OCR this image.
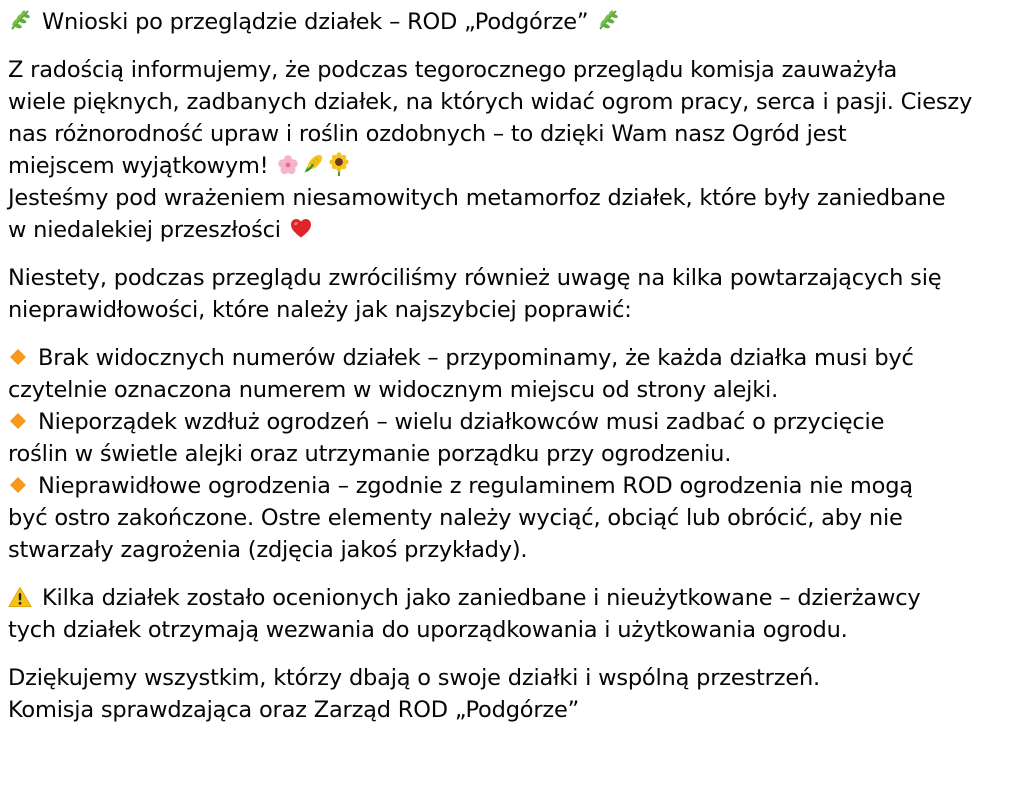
Wnioski po przeglądzie działek – ROD „Podgórze”
Z radością informujemy, że podczas tegorocznego przeglądu komisja zauważyła
wiele pięknych, zadbanych działek, na których widać ogrom pracy, serca i pasji. Cieszy
nas różnorodność upraw i roślin ozdobnych – to dzięki Wam nasz Ogród jest
miejscem wyjątkowym!
Jesteśmy pod wrażeniem niesamowitych metamorfoz działek, które były zaniedbane
w niedalekiej przeszłości
Niestety, podczas przeglądu zwróciliśmy również uwagę na kilka powtarzających się
nieprawidłowości, które należy jak najszybciej poprawić:
Brak widocznych numerów działek – przypominamy, że każda działka musi być
czytelnie oznaczona numerem w widocznym miejscu od strony alejki.
Nieporządek wzdłuż ogrodzeń – wielu działkowców musi zadbać o przycięcie
roślin w świetle alejki oraz utrzymanie porządku przy ogrodzeniu.
Nieprawidłowe ogrodzenia – zgodnie z regulaminem ROD ogrodzenia nie mogą
być ostro zakończone. Ostre elementy należy wyciąć, obciąć lub obrócić, aby nie
stwarzały zagrożenia (zdjęcia jakoś przykłady).
Kilka działek zostało ocenionych jako zaniedbane i nieużytkowane – dzierżawcy
tych działek otrzymają wezwania do uporządkowania i użytkowania ogrodu.
Dziękujemy wszystkim, którzy dbają o swoje działki i wspólną przestrzeń.
Komisja sprawdzająca oraz Zarząd ROD „Podgórze”
